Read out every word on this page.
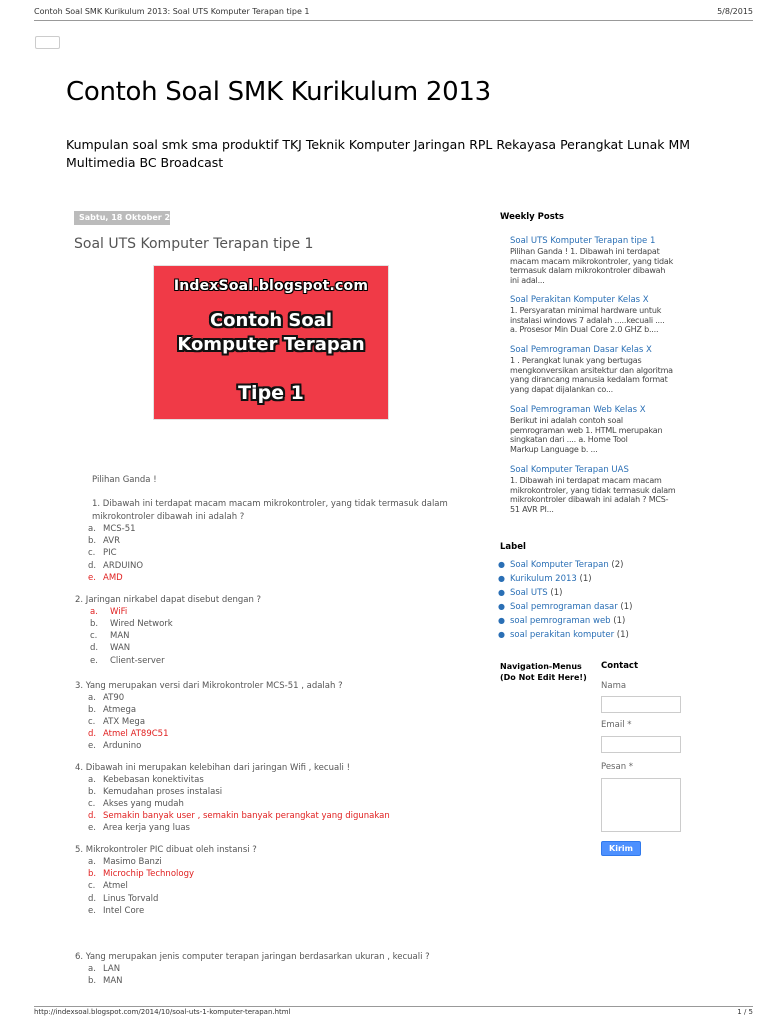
Contoh Soal SMK Kurikulum 2013: Soal UTS Komputer Terapan tipe 1	5/8/2015
Contoh Soal SMK Kurikulum 2013
Kumpulan soal smk sma produktif TKJ Teknik Komputer Jaringan RPL Rekayasa Perangkat Lunak MM Multimedia BC Broadcast
Sabtu, 18 Oktober 2014
Soal UTS Komputer Terapan tipe 1
IndexSoal.blogspot.com
Contoh Soal
Komputer Terapan
Tipe 1
Pilihan Ganda !
1. Dibawah ini terdapat macam macam mikrokontroler, yang tidak termasuk dalam
mikrokontroler dibawah ini adalah ?
a. MCS-51
b. AVR
c. PIC
d. ARDUINO
e. AMD
2. Jaringan nirkabel dapat disebut dengan ?
a. WiFi
b. Wired Network
c. MAN
d. WAN
e. Client-server
3. Yang merupakan versi dari Mikrokontroler MCS-51 , adalah ?
a. AT90
b. Atmega
c. ATX Mega
d. Atmel AT89C51
e. Ardunino
4. Dibawah ini merupakan kelebihan dari jaringan Wifi , kecuali !
a. Kebebasan konektivitas
b. Kemudahan proses instalasi
c. Akses yang mudah
d. Semakin banyak user , semakin banyak perangkat yang digunakan
e. Area kerja yang luas
5. Mikrokontroler PIC dibuat oleh instansi ?
a. Masimo Banzi
b. Microchip Technology
c. Atmel
d. Linus Torvald
e. Intel Core
6. Yang merupakan jenis computer terapan jaringan berdasarkan ukuran , kecuali ?
a. LAN
b. MAN
Weekly Posts
Soal UTS Komputer Terapan tipe 1
Pilihan Ganda ! 1. Dibawah ini terdapat
macam macam mikrokontroler, yang tidak
termasuk dalam mikrokontroler dibawah
ini adal...
Soal Perakitan Komputer Kelas X
1. Persyaratan minimal hardware untuk
instalasi windows 7 adalah .....kecuali ....
a. Prosesor Min Dual Core 2.0 GHZ b....
Soal Pemrograman Dasar Kelas X
1 . Perangkat lunak yang bertugas
mengkonversikan arsitektur dan algoritma
yang dirancang manusia kedalam format
yang dapat dijalankan co...
Soal Pemrograman Web Kelas X
Berikut ini adalah contoh soal
pemrograman web 1. HTML merupakan
singkatan dari .... a. Home Tool
Markup Language b. ...
Soal Komputer Terapan UAS
1. Dibawah ini terdapat macam macam
mikrokontroler, yang tidak termasuk dalam
mikrokontroler dibawah ini adalah ? MCS-
51 AVR PI...
Label
● Soal Komputer Terapan (2)
● Kurikulum 2013 (1)
● Soal UTS (1)
● Soal pemrograman dasar (1)
● soal pemrograman web (1)
● soal perakitan komputer (1)
Navigation-Menus
(Do Not Edit Here!)
Contact
Nama
Email *
Pesan *
Kirim
http://indexsoal.blogspot.com/2014/10/soal-uts-1-komputer-terapan.html	1 / 5
